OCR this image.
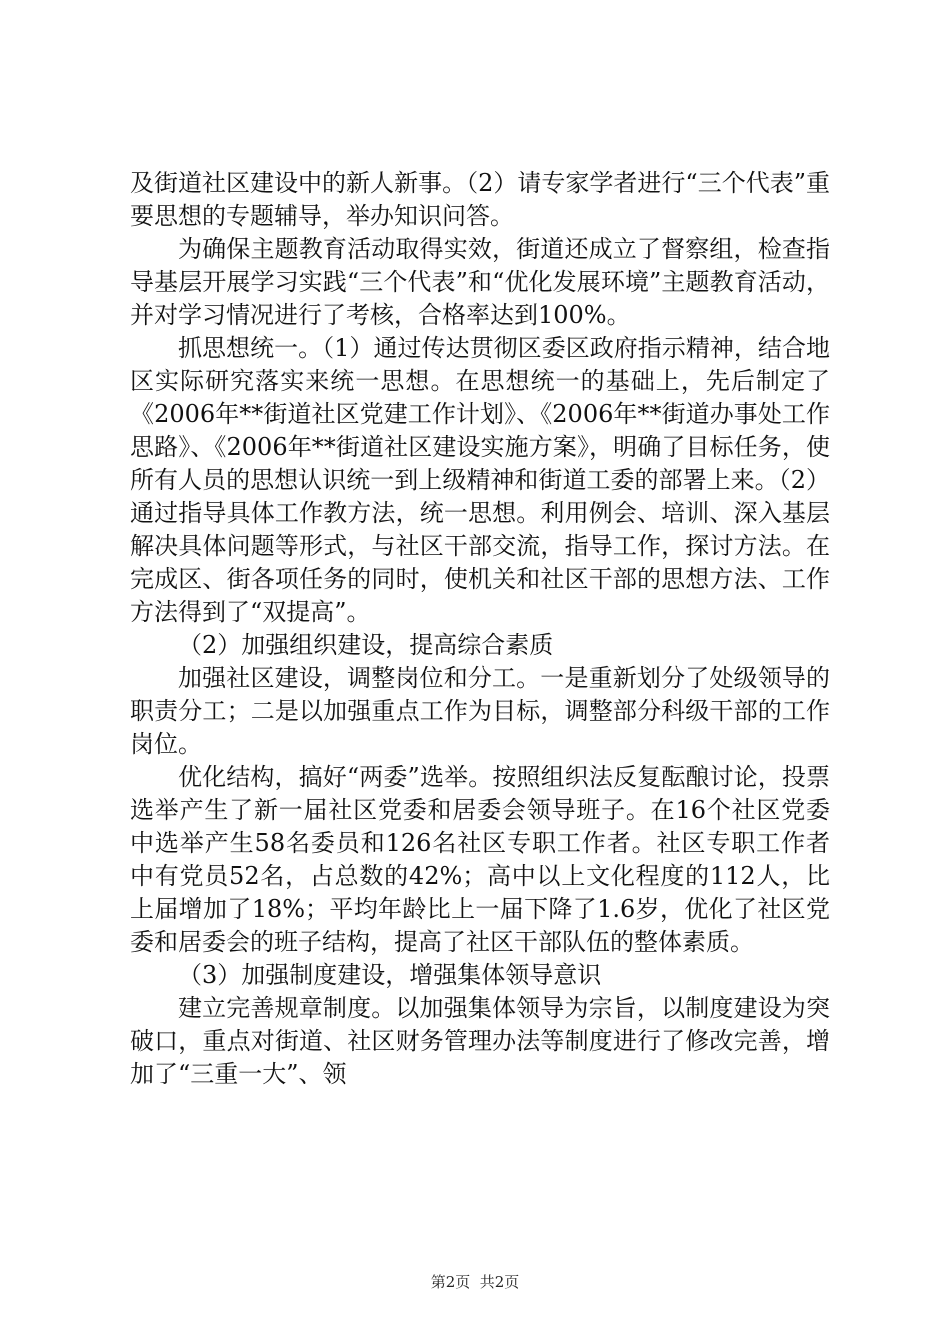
及街道社区建设中的新人新事。（2）请专家学者进行“三个代表”重要思想的专题辅导，举办知识问答。

为确保主题教育活动取得实效，街道还成立了督察组，检查指导基层开展学习实践“三个代表”和“优化发展环境”主题教育活动，并对学习情况进行了考核，合格率达到100%。

抓思想统一。（1）通过传达贯彻区委区政府指示精神，结合地区实际研究落实来统一思想。在思想统一的基础上，先后制定了《2006年**街道社区党建工作计划》、《2006年**街道办事处工作思路》、《2006年**街道社区建设实施方案》，明确了目标任务，使所有人员的思想认识统一到上级精神和街道工委的部署上来。（2）通过指导具体工作教方法，统一思想。利用例会、培训、深入基层解决具体问题等形式，与社区干部交流，指导工作，探讨方法。在完成区、街各项任务的同时，使机关和社区干部的思想方法、工作方法得到了“双提高”。

（2）加强组织建设，提高综合素质

加强社区建设，调整岗位和分工。一是重新划分了处级领导的职责分工；二是以加强重点工作为目标，调整部分科级干部的工作岗位。

优化结构，搞好“两委”选举。按照组织法反复酝酿讨论，投票选举产生了新一届社区党委和居委会领导班子。在16个社区党委中选举产生58名委员和126名社区专职工作者。社区专职工作者中有党员52名，占总数的42%；高中以上文化程度的112人，比上届增加了18%；平均年龄比上一届下降了1.6岁，优化了社区党委和居委会的班子结构，提高了社区干部队伍的整体素质。

（3）加强制度建设，增强集体领导意识

建立完善规章制度。以加强集体领导为宗旨，以制度建设为突破口，重点对街道、社区财务管理办法等制度进行了修改完善，增加了“三重一大”、领

第2页  共2页
